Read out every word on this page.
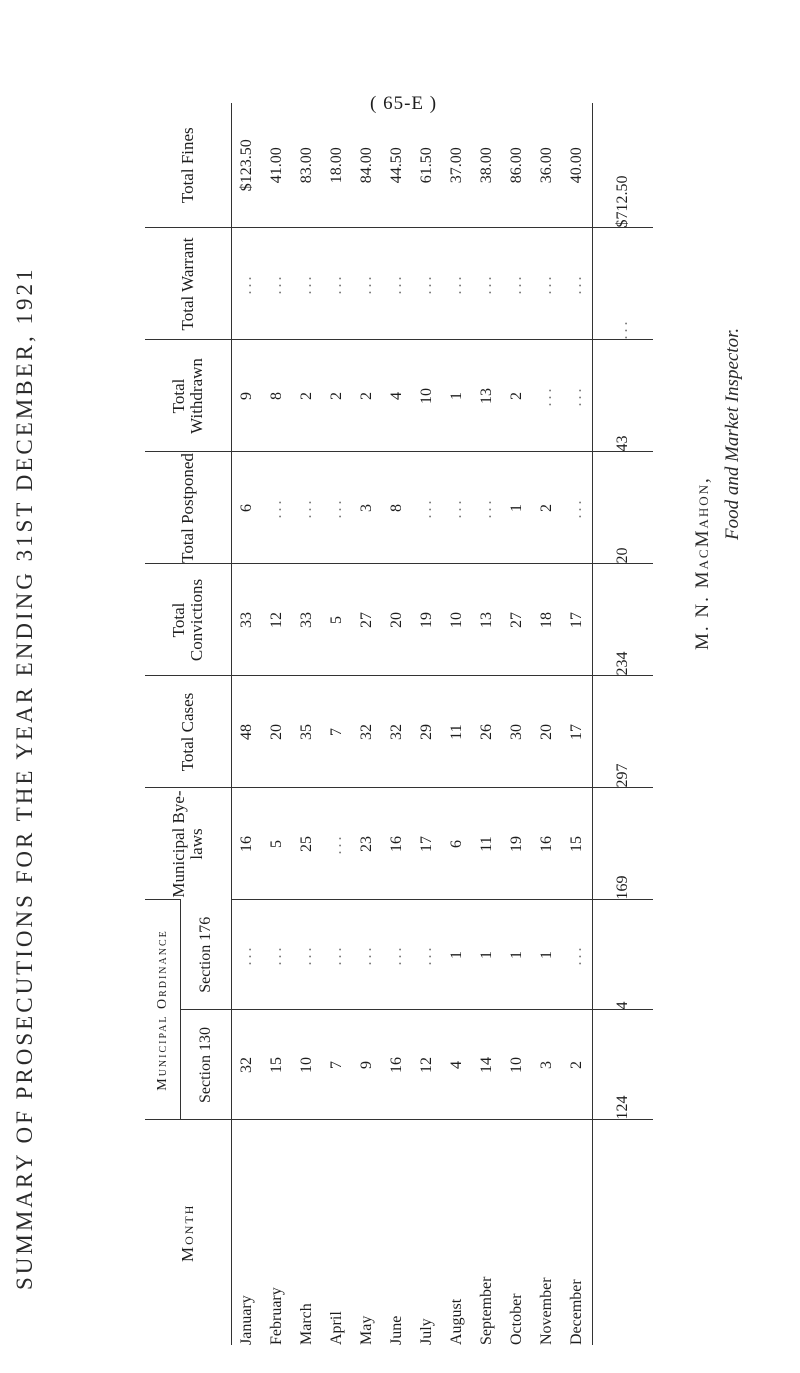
( 65-E )
SUMMARY OF PROSECUTIONS FOR THE YEAR ENDING 31ST DECEMBER, 1921	Month	Municipal Ordinance		Municipal Bye-laws	Total Cases	Total Convictions	Total Postponed	Total Withdrawn	Total Warrant	Total Fines
	Section 130	Section 176							
January	32	...	16	48	33	6	9	...	$123.50
February	15	...	5	20	12	...	8	...	41.00
March	10	...	25	35	33	...	2	...	83.00
April	7	...	...	7	5	...	2	...	18.00
May	9	...	23	32	27	3	2	...	84.00
June	16	...	16	32	20	8	4	...	44.50
July	12	...	17	29	19	...	10	...	61.50
August	4	1	6	11	10	...	1	...	37.00
September	14	1	11	26	13	...	13	...	38.00
October	10	1	19	30	27	1	2	...	86.00
November	3	1	16	20	18	2	...	...	36.00
December	2	...	15	17	17	...	...	...	40.00
	124	4	169	297	234	20	43	...	$712.50
M. N. MacMahon,
Food and Market Inspector.
